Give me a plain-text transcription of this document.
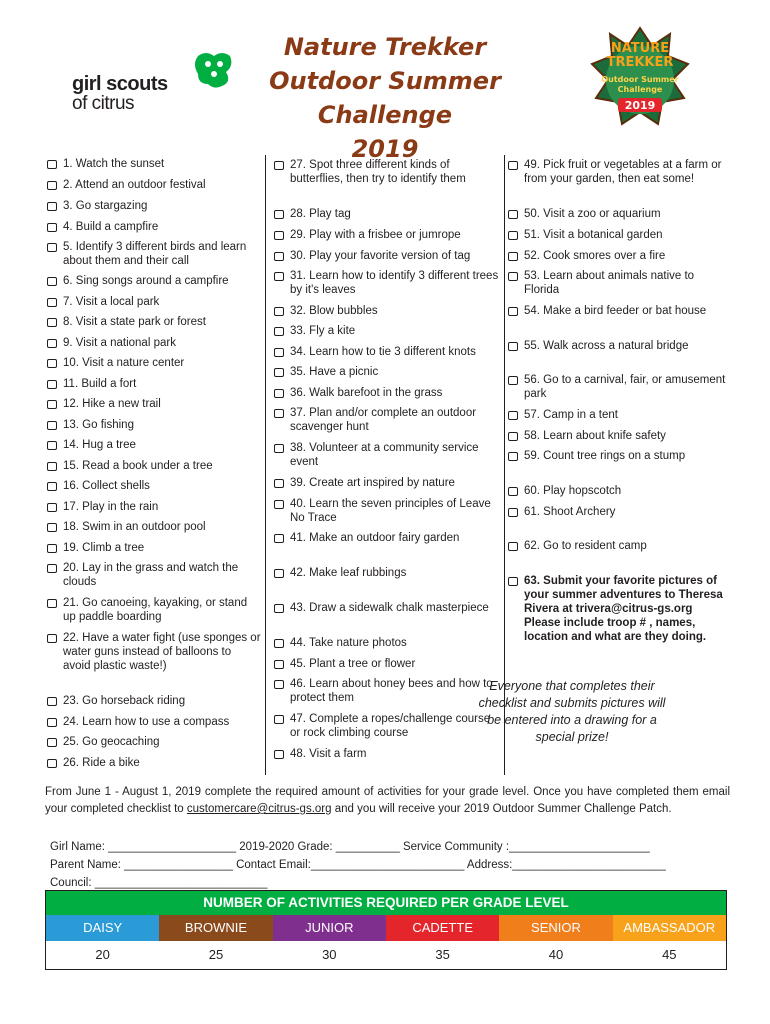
girl scouts
of citrus
Nature Trekker
Outdoor Summer Challenge
2019
NATURE
TREKKER
Outdoor Summer
Challenge
2019
1. Watch the sunset
2. Attend an outdoor festival
3. Go stargazing
4. Build a campfire
5. Identify 3 different birds and learn about them and their call
6. Sing songs around a campfire
7. Visit a local park
8. Visit a state park or forest
9. Visit a national park
10. Visit a nature center
11. Build a fort
12. Hike a new trail
13. Go fishing
14. Hug a tree
15. Read a book under a tree
16. Collect shells
17. Play in the rain
18. Swim in an outdoor pool
19. Climb a tree
20. Lay in the grass and watch the clouds
21. Go canoeing, kayaking, or stand up paddle boarding
22. Have a water fight (use sponges or water guns instead of balloons to avoid plastic waste!)
23. Go horseback riding
24. Learn how to use a compass
25. Go geocaching
26. Ride a bike
27. Spot three different kinds of butterflies, then try to identify them
28. Play tag
29. Play with a frisbee or jumrope
30. Play your favorite version of tag
31. Learn how to identify 3 different trees by it's leaves
32. Blow bubbles
33. Fly a kite
34. Learn how to tie 3 different knots
35. Have a picnic
36. Walk barefoot in the grass
37. Plan and/or complete an outdoor scavenger hunt
38. Volunteer at a community service event
39. Create art inspired by nature
40. Learn the seven principles of Leave No Trace
41. Make an outdoor fairy garden
42. Make leaf rubbings
43. Draw a sidewalk chalk masterpiece
44. Take nature photos
45. Plant a tree or flower
46. Learn about honey bees and how to protect them
47. Complete a ropes/challenge course or rock climbing course
48. Visit a farm
49. Pick fruit or vegetables at a farm or from your garden, then eat some!
50. Visit a zoo or aquarium
51. Visit a botanical garden
52. Cook smores over a fire
53. Learn about animals native to Florida
54. Make a bird feeder or bat house
55. Walk across a natural bridge
56. Go to a carnival, fair, or amusement park
57. Camp in a tent
58. Learn about knife safety
59. Count tree rings on a stump
60. Play hopscotch
61. Shoot Archery
62. Go to resident camp
63. Submit your favorite pictures of your summer adventures to Theresa Rivera at trivera@citrus-gs.org Please include troop # , names, location and what are they doing.
Everyone that completes their checklist and submits pictures will be entered into a drawing for a special prize!
From June 1 - August 1, 2019 complete the required amount of activities for your grade level. Once you have completed them email your completed checklist to customercare@citrus-gs.org and you will receive your 2019 Outdoor Summer Challenge Patch.
Girl Name: ____________________ 2019-2020 Grade: __________ Service Community :______________________
Parent Name: _________________ Contact Email:________________________ Address:________________________
Council: ___________________________
NUMBER OF ACTIVITIES REQUIRED PER GRADE LEVEL
DAISY	BROWNIE	JUNIOR	CADETTE	SENIOR	AMBASSADOR
20	25	30	35	40	45
